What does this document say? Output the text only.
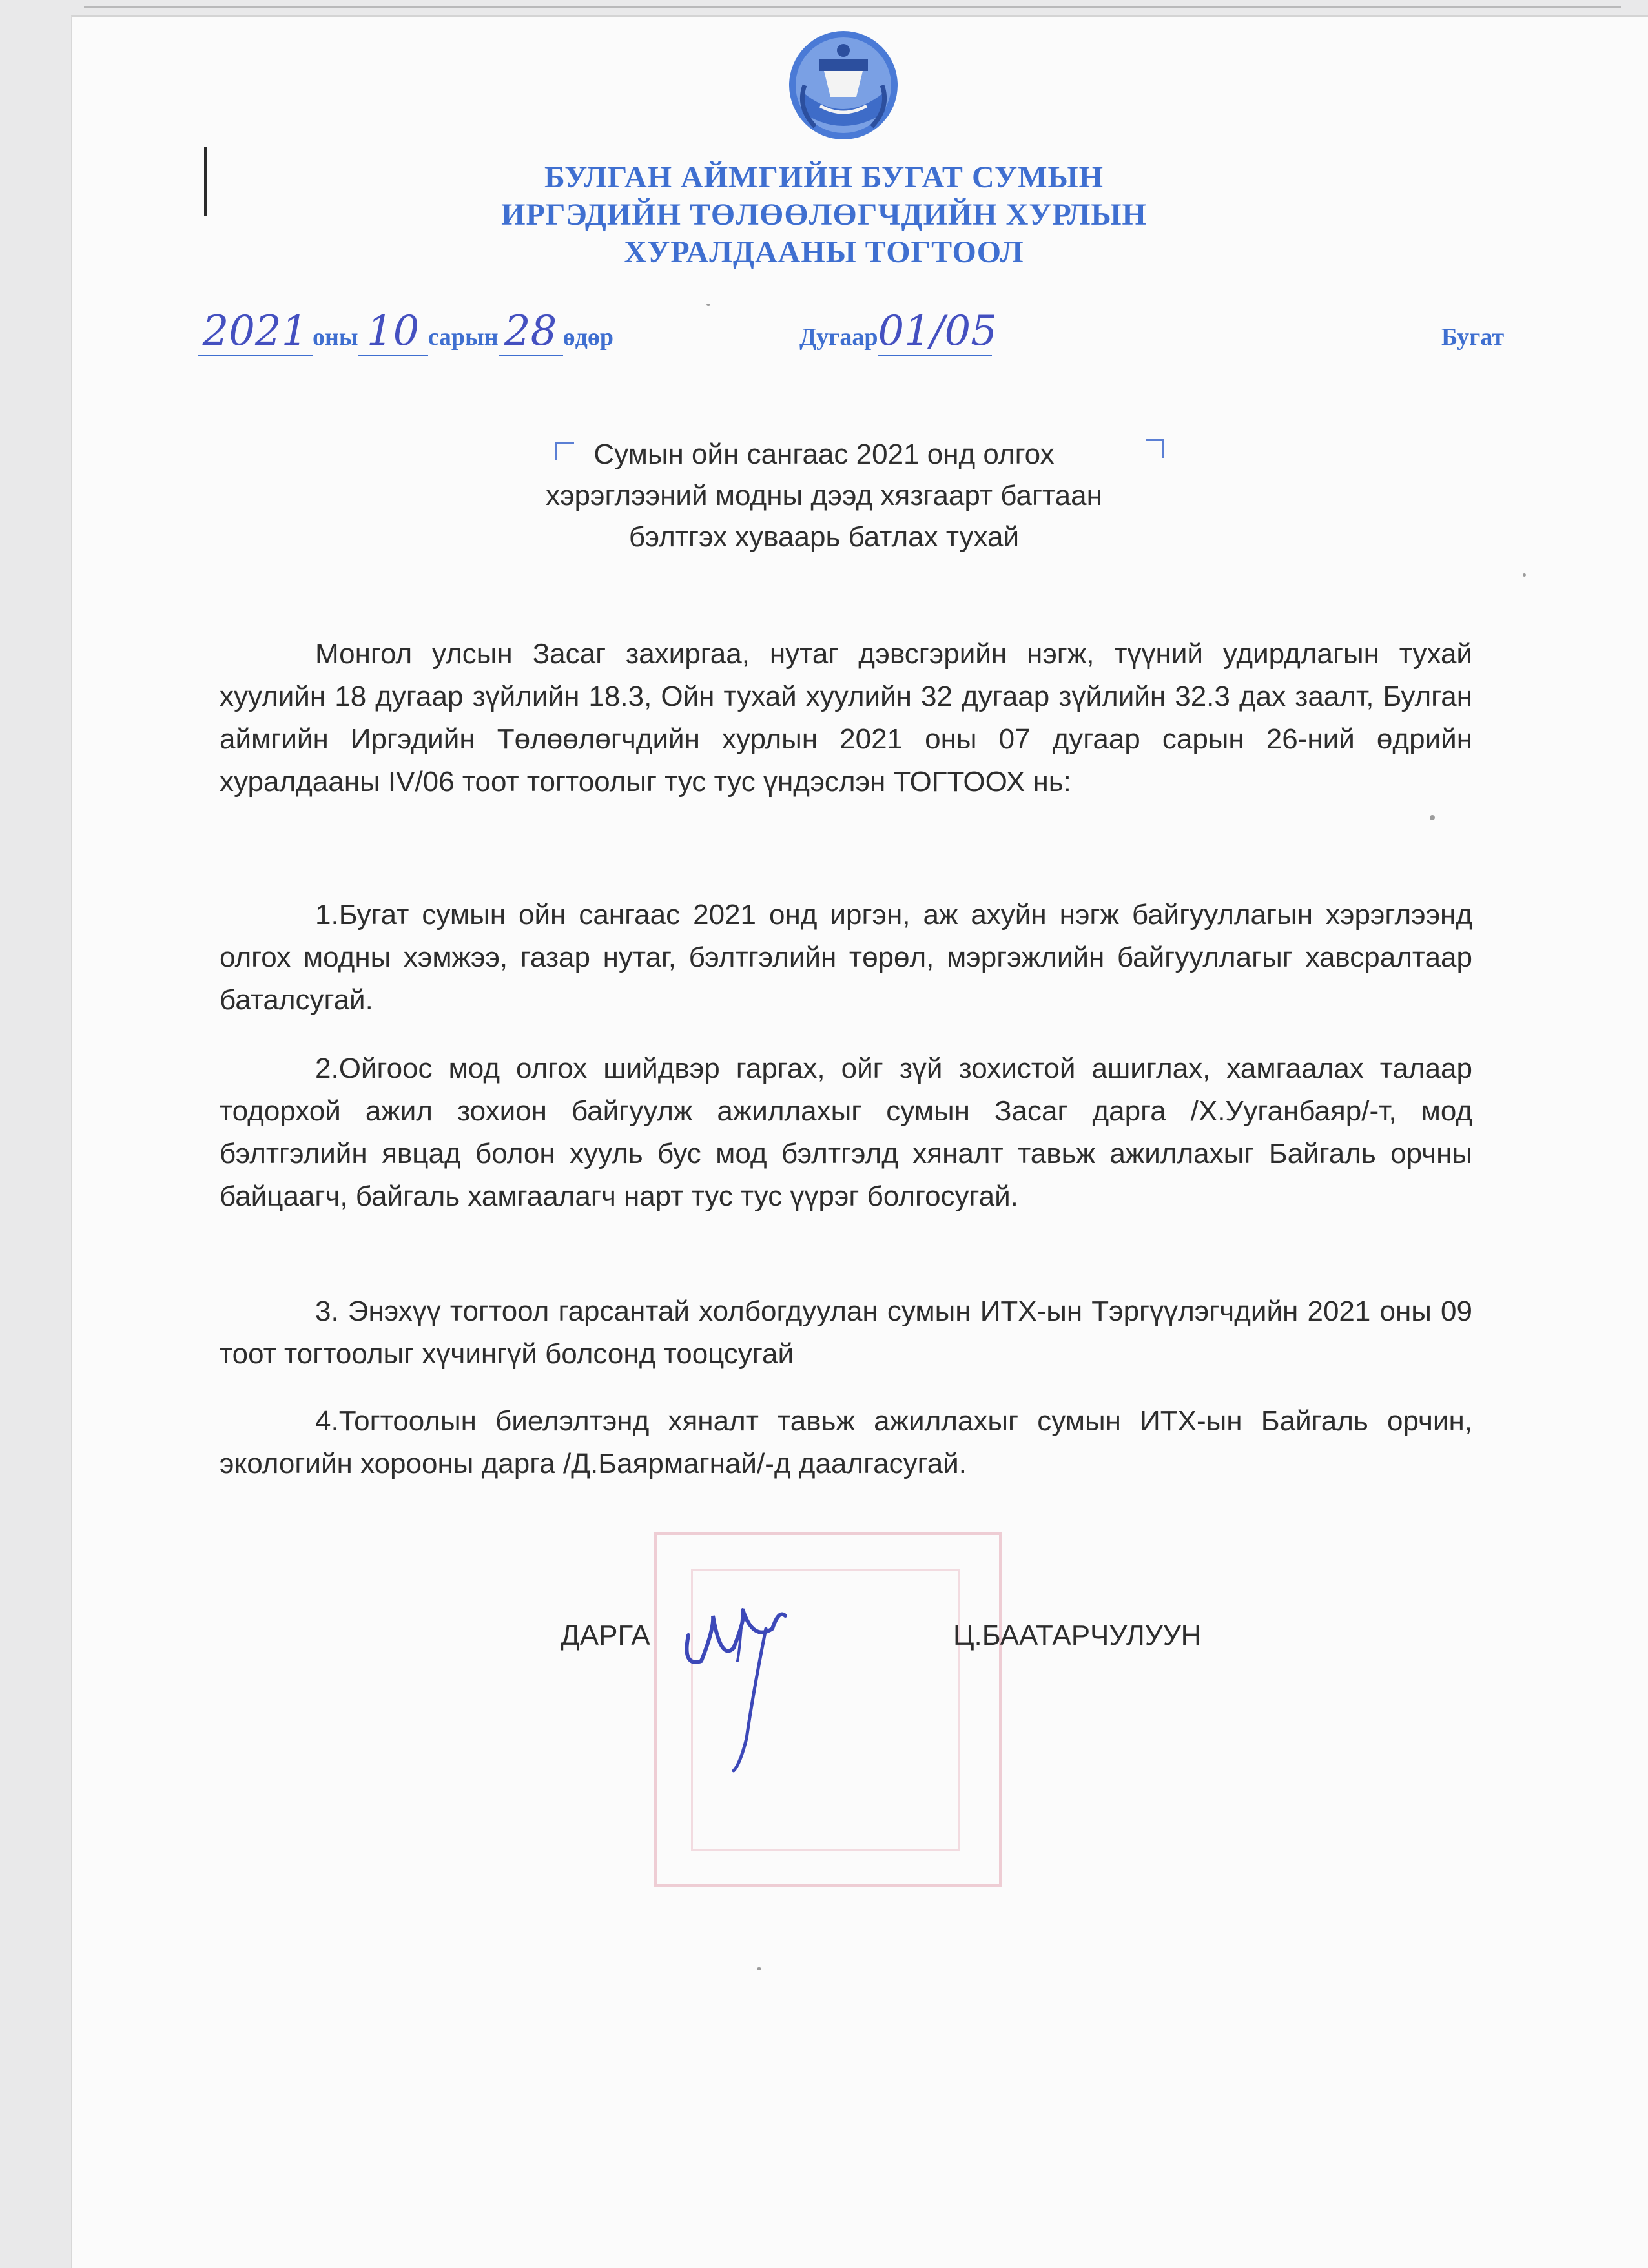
БУЛГАН АЙМГИЙН БУГАТ СУМЫН
ИРГЭДИЙН ТӨЛӨӨЛӨГЧДИЙН ХУРЛЫН
ХУРАЛДААНЫ ТОГТООЛ
2021 оны 10 сарын 28 өдөр	Дугаар01/05	Бугат
Сумын ойн сангаас 2021 онд олгох
хэрэглээний модны дээд хязгаарт багтаан
бэлтгэх хуваарь батлах тухай

Монгол улсын Засаг захиргаа, нутаг дэвсгэрийн нэгж, түүний удирдлагын тухай хуулийн 18 дугаар зүйлийн 18.3, Ойн тухай хуулийн 32 дугаар зүйлийн 32.3 дах заалт, Булган аймгийн Иргэдийн Төлөөлөгчдийн хурлын 2021 оны 07 дугаар сарын 26-ний өдрийн хуралдааны IV/06 тоот тогтоолыг тус тус үндэслэн ТОГТООХ нь:

1.Бугат сумын ойн сангаас 2021 онд иргэн, аж ахуйн нэгж байгууллагын хэрэглээнд олгох модны хэмжээ, газар нутаг, бэлтгэлийн төрөл, мэргэжлийн байгууллагыг хавсралтаар баталсугай.

2.Ойгоос мод олгох шийдвэр гаргах, ойг зүй зохистой ашиглах, хамгаалах талаар тодорхой ажил зохион байгуулж ажиллахыг сумын Засаг дарга /Х.Ууганбаяр/-т, мод бэлтгэлийн явцад болон хууль бус мод бэлтгэлд хяналт тавьж ажиллахыг Байгаль орчны байцаагч, байгаль хамгаалагч нарт тус тус үүрэг болгосугай.

3. Энэхүү тогтоол гарсантай холбогдуулан сумын ИТХ-ын Тэргүүлэгчдийн 2021 оны 09 тоот тогтоолыг хүчингүй болсонд тооцсугай

4.Тогтоолын биелэлтэнд хяналт тавьж ажиллахыг сумын ИТХ-ын Байгаль орчин, экологийн хорооны дарга /Д.Баярмагнай/-д даалгасугай.

ДАРГА	Ц.БААТАРЧУЛУУН
